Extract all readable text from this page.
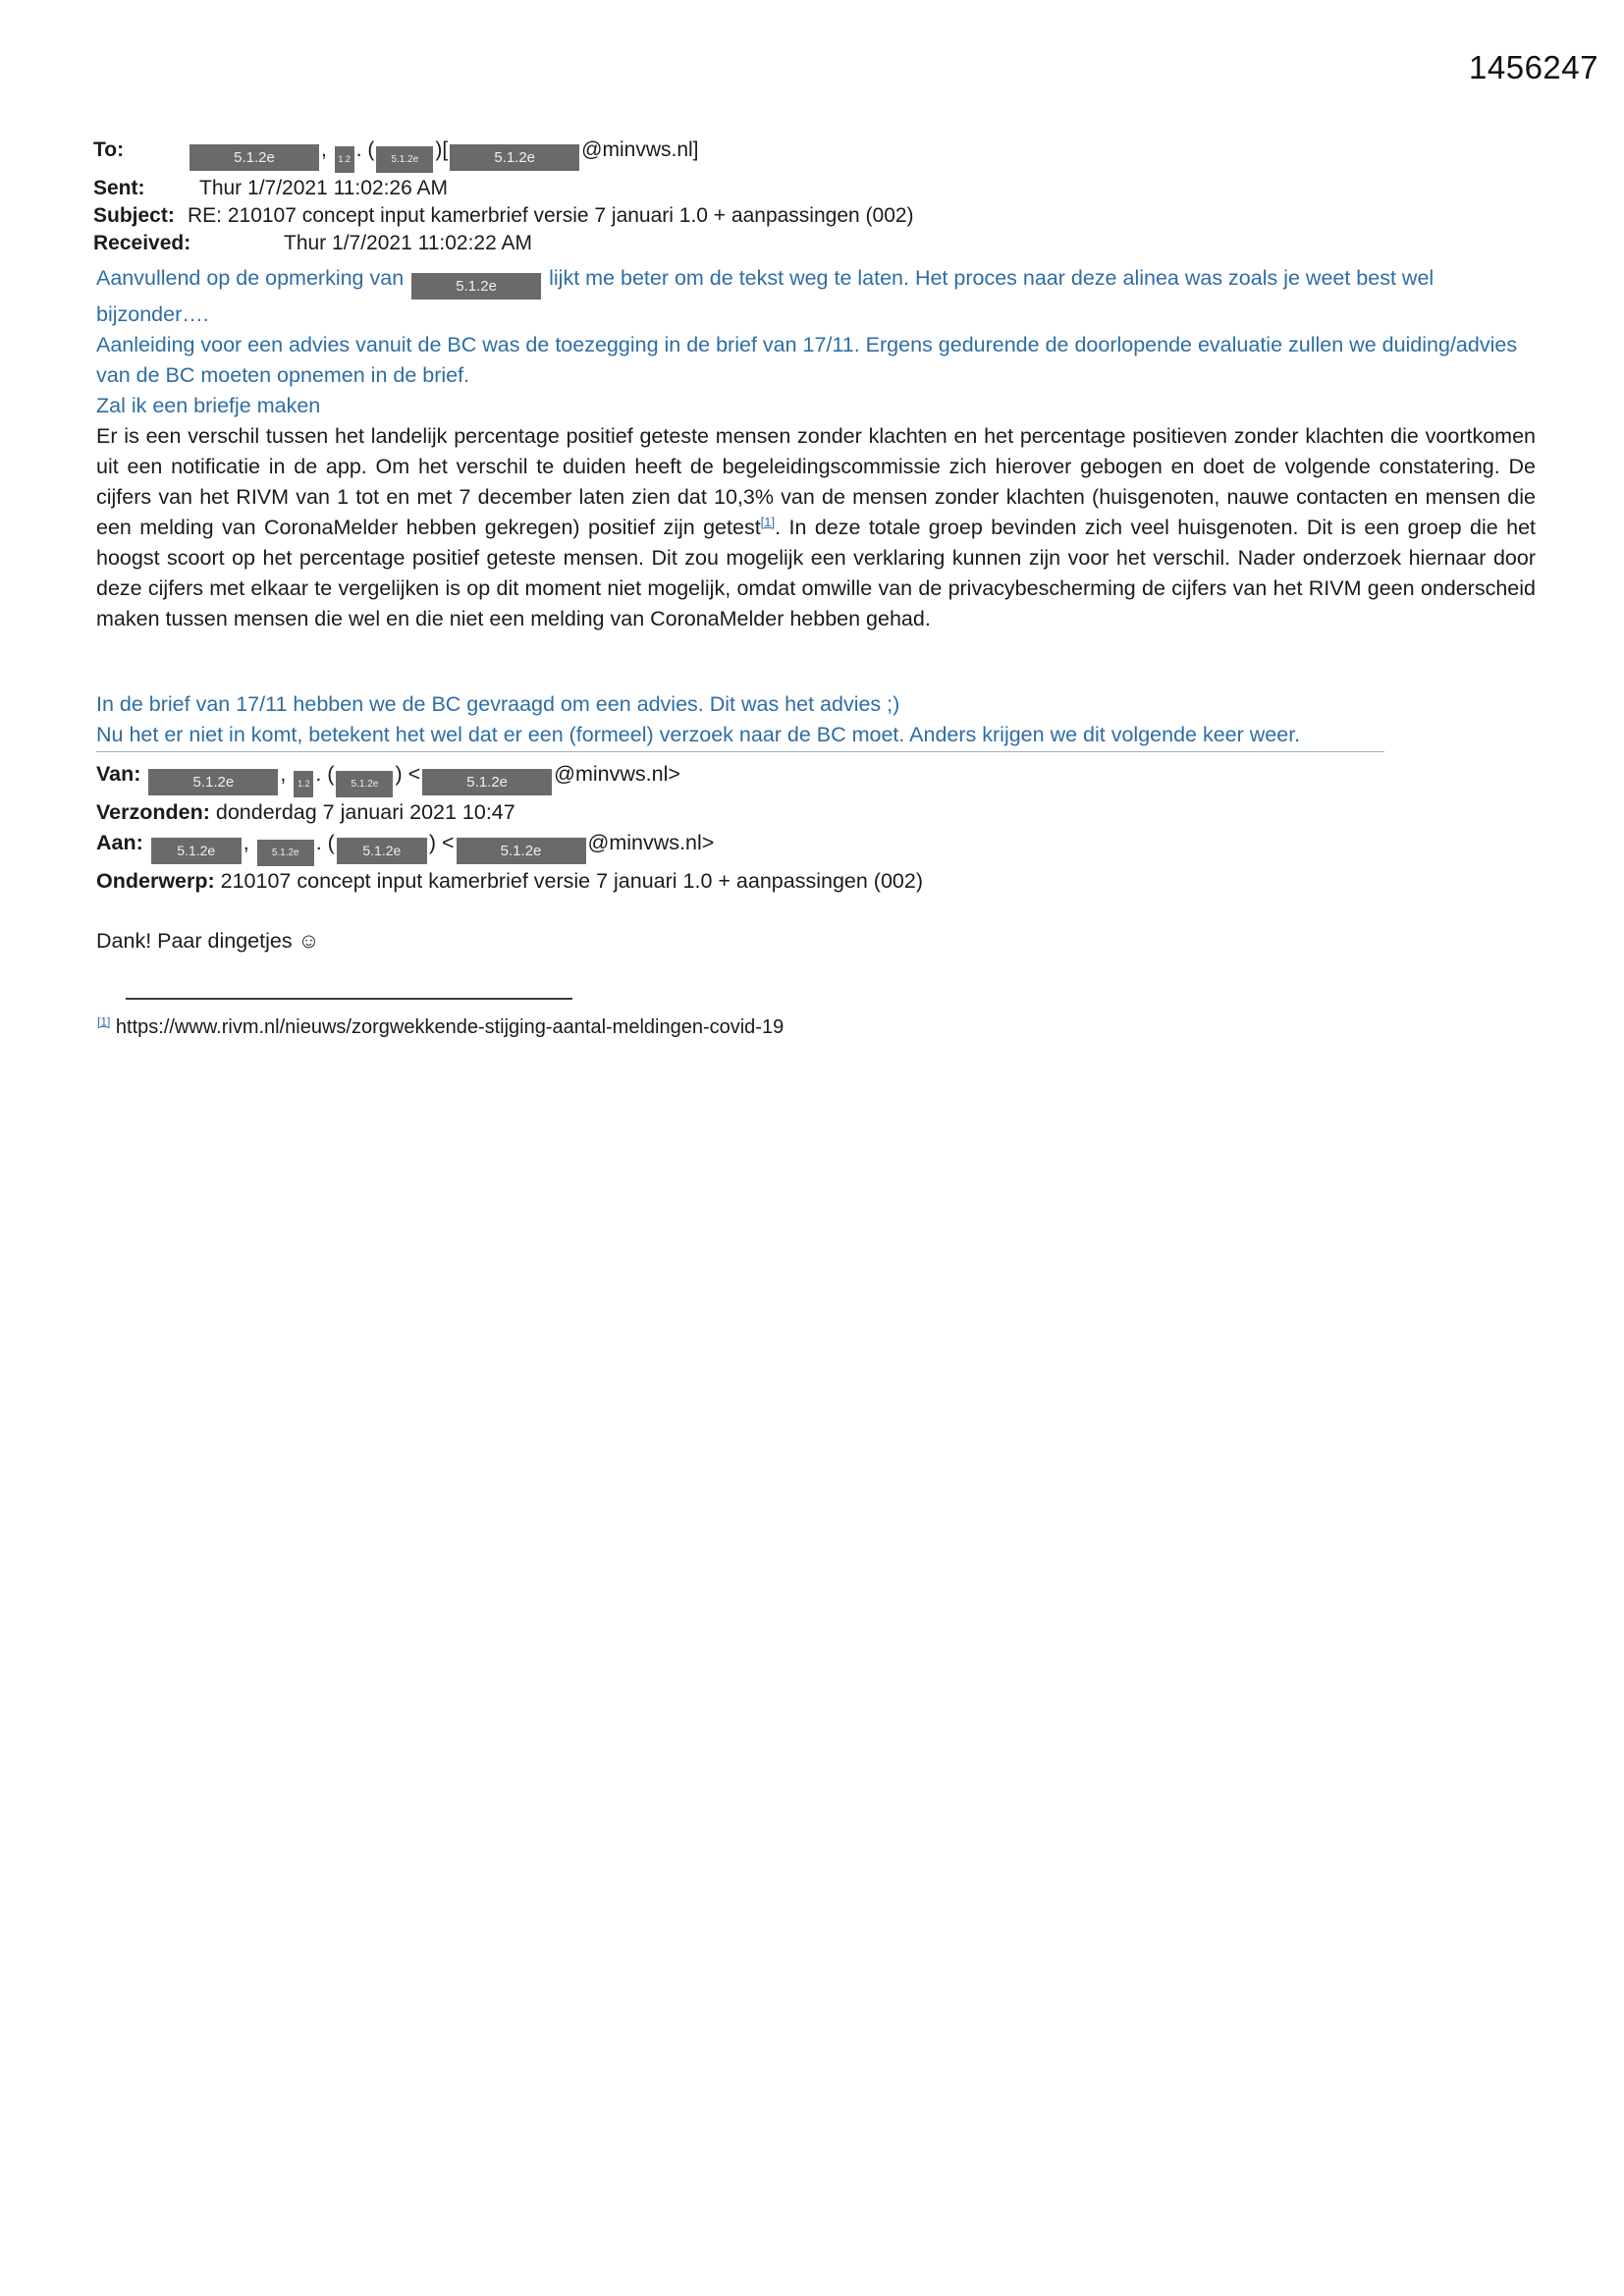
1456247
To:	5.1.2e , 1.2 . ( 5.1.2e )[	5.1.2e @minvws.nl]
Sent:	Thur 1/7/2021 11:02:26 AM
Subject: RE: 210107 concept input kamerbrief versie 7 januari 1.0 + aanpassingen (002)
Received:	Thur 1/7/2021 11:02:22 AM

Aanvullend op de opmerking van	5.1.2e lijkt me beter om de tekst weg te laten. Het proces naar deze alinea was zoals je weet best wel bijzonder….

Aanleiding voor een advies vanuit de BC was de toezegging in de brief van 17/11. Ergens gedurende de doorlopende evaluatie zullen we duiding/advies van de BC moeten opnemen in de brief.

Zal ik een briefje maken

Er is een verschil tussen het landelijk percentage positief geteste mensen zonder klachten en het percentage positieven zonder klachten die voortkomen uit een notificatie in de app. Om het verschil te duiden heeft de begeleidingscommissie zich hierover gebogen en doet de volgende constatering. De cijfers van het RIVM van 1 tot en met 7 december laten zien dat 10,3% van de mensen zonder klachten (huisgenoten, nauwe contacten en mensen die een melding van CoronaMelder hebben gekregen) positief zijn getest[1]. In deze totale groep bevinden zich veel huisgenoten. Dit is een groep die het hoogst scoort op het percentage positief geteste mensen. Dit zou mogelijk een verklaring kunnen zijn voor het verschil. Nader onderzoek hiernaar door deze cijfers met elkaar te vergelijken is op dit moment niet mogelijk, omdat omwille van de privacybescherming de cijfers van het RIVM geen onderscheid maken tussen mensen die wel en die niet een melding van CoronaMelder hebben gehad.

In de brief van 17/11 hebben we de BC gevraagd om een advies. Dit was het advies ;)

Nu het er niet in komt, betekent het wel dat er een (formeel) verzoek naar de BC moet. Anders krijgen we dit volgende keer weer.

Van:	5.1.2e , 1.2 . ( 5.1.2e ) <	5.1.2e @minvws.nl>
Verzonden: donderdag 7 januari 2021 10:47
Aan: 5.1.2e , 5.1.2e . ( 5.1.2e ) <	5.1.2e @minvws.nl>
Onderwerp: 210107 concept input kamerbrief versie 7 januari 1.0 + aanpassingen (002)

Dank! Paar dingetjes ☺

[1] https://www.rivm.nl/nieuws/zorgwekkende-stijging-aantal-meldingen-covid-19
